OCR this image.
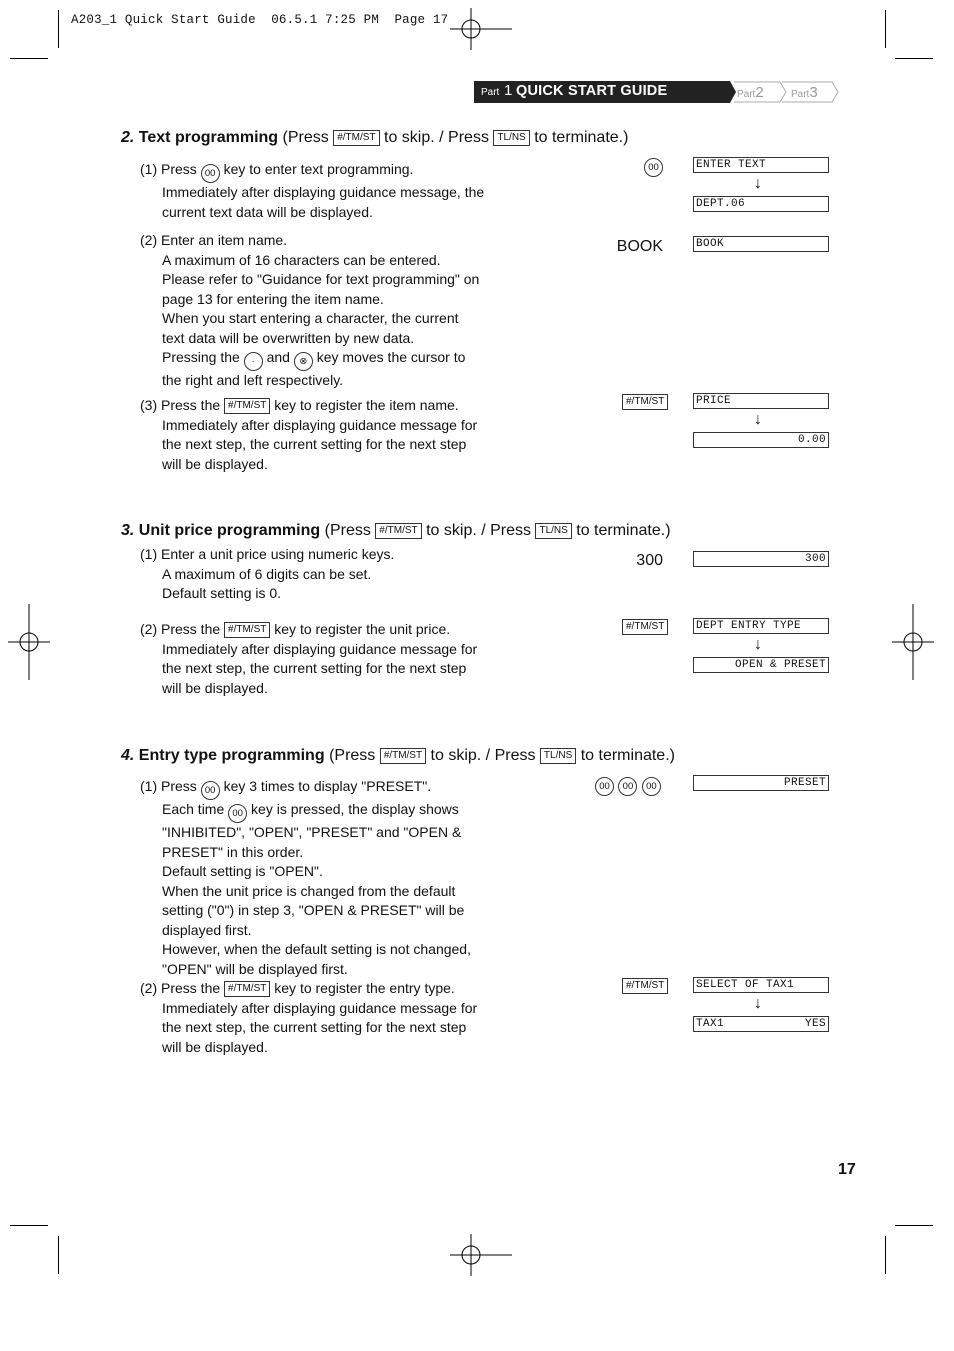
A203_1 Quick Start Guide  06.5.1 7:25 PM  Page 17
Part 1 QUICK START GUIDE	Part2	Part3
2. Text programming (Press #/TM/ST to skip. / Press TL/NS to terminate.)
(1) Press 00 key to enter text programming.
Immediately after displaying guidance message, the
current text data will be displayed.
00	ENTER TEXT
↓
DEPT.06
(2) Enter an item name.
A maximum of 16 characters can be entered.
Please refer to "Guidance for text programming" on
page 13 for entering the item name.
When you start entering a character, the current
text data will be overwritten by new data.
Pressing the · and ⊗ key moves the cursor to
the right and left respectively.
BOOK	BOOK
(3) Press the #/TM/ST key to register the item name.
Immediately after displaying guidance message for
the next step, the current setting for the next step
will be displayed.
#/TM/ST	PRICE
↓
0.00
3. Unit price programming (Press #/TM/ST to skip. / Press TL/NS to terminate.)
(1) Enter a unit price using numeric keys.
A maximum of 6 digits can be set.
Default setting is 0.
300	300
(2) Press the #/TM/ST key to register the unit price.
Immediately after displaying guidance message for
the next step, the current setting for the next step
will be displayed.
#/TM/ST	DEPT ENTRY TYPE
↓
OPEN & PRESET
4. Entry type programming (Press #/TM/ST to skip. / Press TL/NS to terminate.)
(1) Press 00 key 3 times to display "PRESET".
Each time 00 key is pressed, the display shows
"INHIBITED", "OPEN", "PRESET" and "OPEN &
PRESET" in this order.
Default setting is "OPEN".
When the unit price is changed from the default
setting ("0") in step 3, "OPEN & PRESET" will be
displayed first.
However, when the default setting is not changed,
"OPEN" will be displayed first.
00 00 00	PRESET
(2) Press the #/TM/ST key to register the entry type.
Immediately after displaying guidance message for
the next step, the current setting for the next step
will be displayed.
#/TM/ST	SELECT OF TAX1
↓
TAX1	YES
17
